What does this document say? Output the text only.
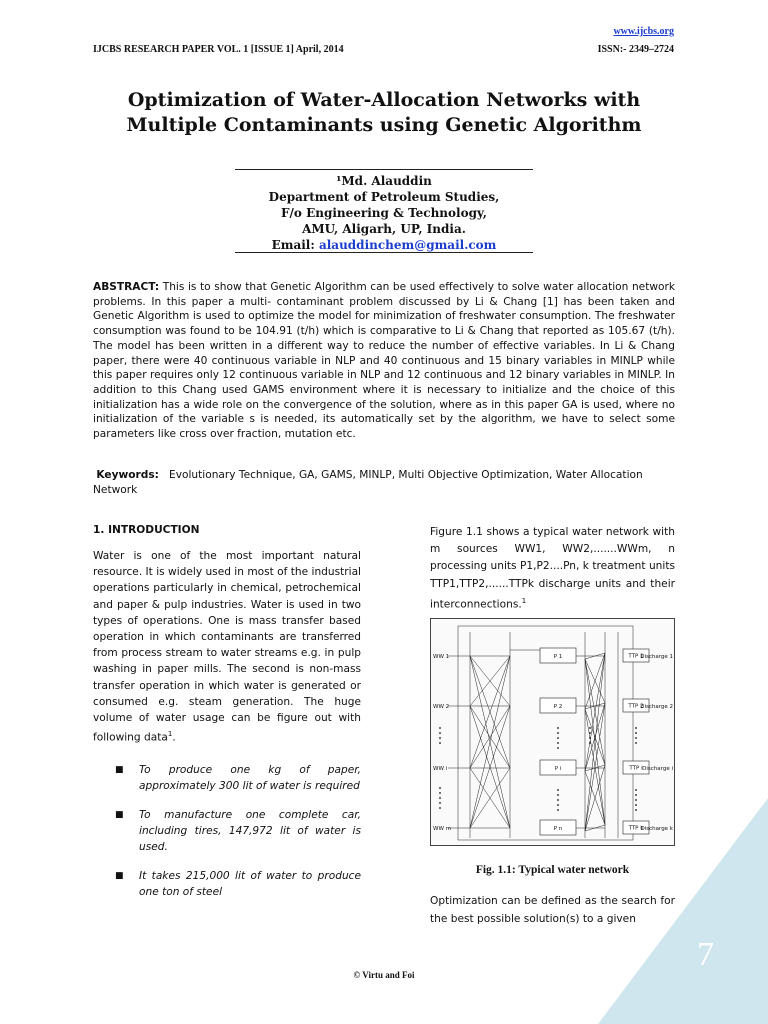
www.ijcbs.org
IJCBS RESEARCH PAPER VOL. 1 [ISSUE 1] April, 2014	ISSN:- 2349–2724
Optimization of Water-Allocation Networks with
Multiple Contaminants using Genetic Algorithm
¹Md. Alauddin
Department of Petroleum Studies,
F/o Engineering & Technology,
AMU, Aligarh, UP, India.
Email: alauddinchem@gmail.com
ABSTRACT: This is to show that Genetic Algorithm can be used effectively to solve water allocation network problems. In this paper a multi- contaminant problem discussed by Li & Chang [1] has been taken and Genetic Algorithm is used to optimize the model for minimization of freshwater consumption. The freshwater consumption was found to be 104.91 (t/h) which is comparative to Li & Chang that reported as 105.67 (t/h). The model has been written in a different way to reduce the number of effective variables. In Li & Chang paper, there were 40 continuous variable in NLP and 40 continuous and 15 binary variables in MINLP while this paper requires only 12 continuous variable in NLP and 12 continuous and 12 binary variables in MINLP. In addition to this Chang used GAMS environment where it is necessary to initialize and the choice of this initialization has a wide role on the convergence of the solution, where as in this paper GA is used, where no initialization of the variable s is needed, its automatically set by the algorithm, we have to select some parameters like cross over fraction, mutation etc.
Keywords: Evolutionary Technique, GA, GAMS, MINLP, Multi Objective Optimization, Water Allocation Network
1. INTRODUCTION

Water is one of the most important natural resource. It is widely used in most of the industrial operations particularly in chemical, petrochemical and paper & pulp industries. Water is used in two types of operations. One is mass transfer based operation in which contaminants are transferred from process stream to water streams e.g. in pulp washing in paper mills. The second is non-mass transfer operation in which water is generated or consumed e.g. steam generation. The huge volume of water usage can be figure out with following data$^1$.

■ To produce one kg of paper, approximately 300 lit of water is required
■ To manufacture one complete car, including tires, 147,972 lit of water is used.
■ It takes 215,000 lit of water to produce one ton of steel

Figure 1.1 shows a typical water network with m sources WW1, WW2,.......WWm, n processing units P1,P2....Pn, k treatment units TTP1,TTP2,......TTPk discharge units and their interconnections.$^1$

WW 1	P 1	TTP 1
Discharge 1
WW 2	P 2	TTP 2
Discharge 2
WW i	P i	TTP i Discharge i
WW m	P n	TTP k
Discharge k
Fig. 1.1: Typical water network
Optimization can be defined as the search for the best possible solution(s) to a given
© Virtu and Foi
7
